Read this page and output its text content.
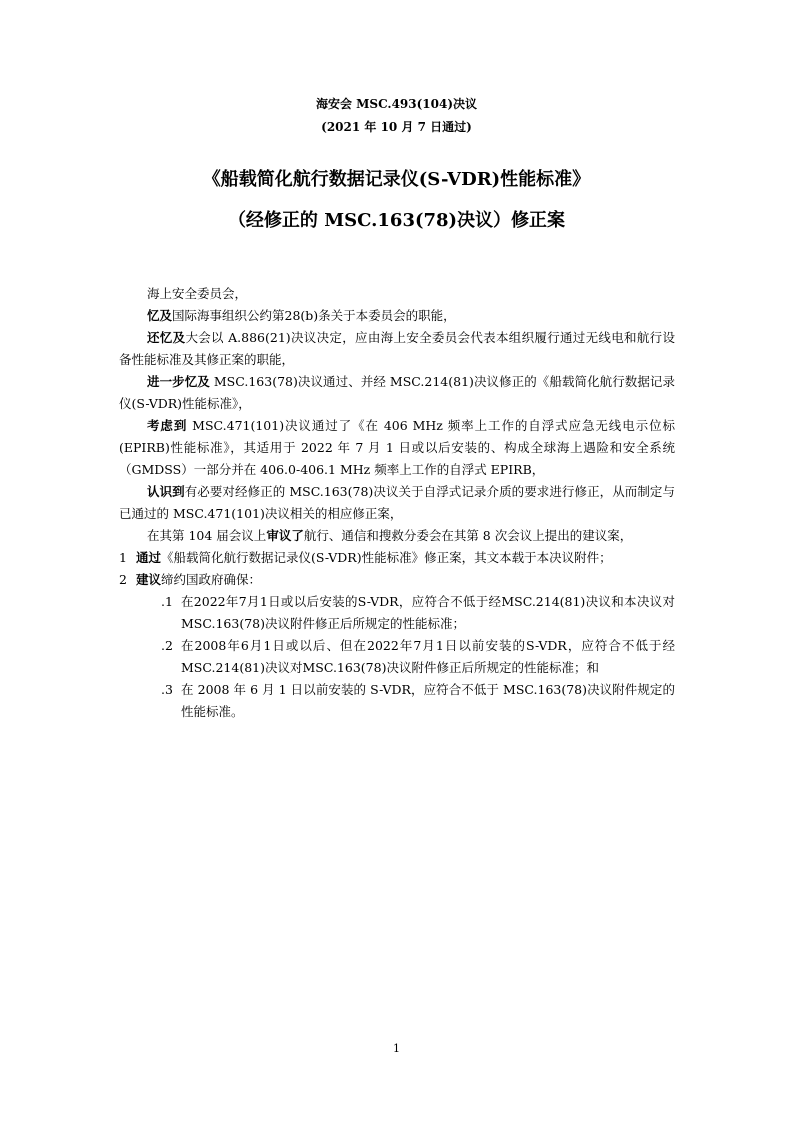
海安会 MSC.493(104)决议
(2021 年 10 月 7 日通过)
《船载简化航行数据记录仪(S-VDR)性能标准》
（经修正的 MSC.163(78)决议）修正案

海上安全委员会，

忆及国际海事组织公约第28(b)条关于本委员会的职能，

还忆及大会以 A.886(21)决议决定，应由海上安全委员会代表本组织履行通过无线电和航行设备性能标准及其修正案的职能，

进一步忆及 MSC.163(78)决议通过、并经 MSC.214(81)决议修正的《船载简化航行数据记录仪(S-VDR)性能标准》，

考虑到 MSC.471(101)决议通过了《在 406 MHz 频率上工作的自浮式应急无线电示位标(EPIRB)性能标准》，其适用于 2022 年 7 月 1 日或以后安装的、构成全球海上遇险和安全系统（GMDSS）一部分并在 406.0-406.1 MHz 频率上工作的自浮式 EPIRB，

认识到有必要对经修正的 MSC.163(78)决议关于自浮式记录介质的要求进行修正，从而制定与已通过的 MSC.471(101)决议相关的相应修正案，

在其第 104 届会议上审议了航行、通信和搜救分委会在其第 8 次会议上提出的建议案，

1 通过《船载简化航行数据记录仪(S-VDR)性能标准》修正案，其文本载于本决议附件；

2 建议缔约国政府确保：

.1 在2022年7月1日或以后安装的S-VDR，应符合不低于经MSC.214(81)决议和本决议对MSC.163(78)决议附件修正后所规定的性能标准；

.2 在2008年6月1日或以后、但在2022年7月1日以前安装的S-VDR，应符合不低于经MSC.214(81)决议对MSC.163(78)决议附件修正后所规定的性能标准；和

.3 在 2008 年 6 月 1 日以前安装的 S-VDR，应符合不低于 MSC.163(78)决议附件规定的性能标准。

1
